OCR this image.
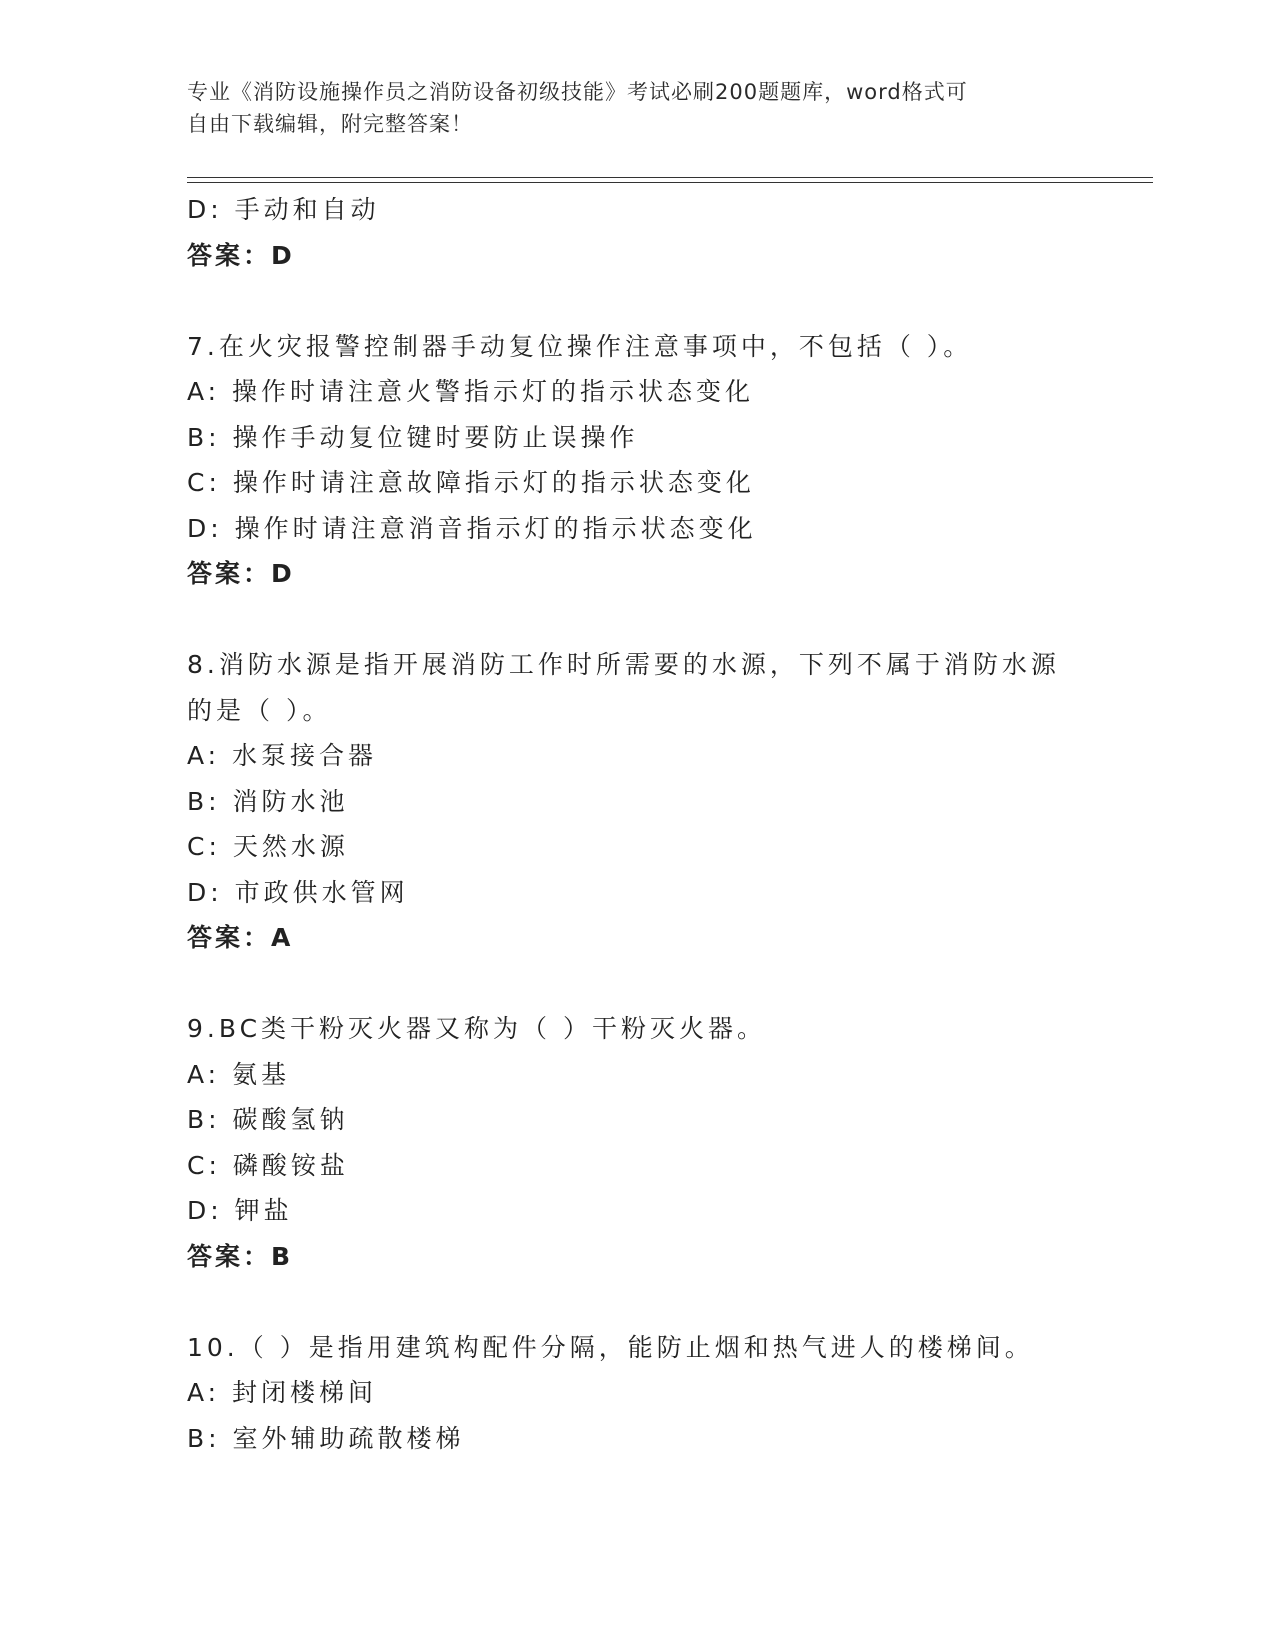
专业《消防设施操作员之消防设备初级技能》考试必刷200题题库，word格式可
自由下载编辑，附完整答案！
D: 手动和自动
答案：D
7.在火灾报警控制器手动复位操作注意事项中，不包括（ ）。
A: 操作时请注意火警指示灯的指示状态变化
B: 操作手动复位键时要防止误操作
C: 操作时请注意故障指示灯的指示状态变化
D: 操作时请注意消音指示灯的指示状态变化
答案：D
8.消防水源是指开展消防工作时所需要的水源，下列不属于消防水源
的是（ ）。
A: 水泵接合器
B: 消防水池
C: 天然水源
D: 市政供水管网
答案：A
9.BC类干粉灭火器又称为（ ）干粉灭火器。
A: 氨基
B: 碳酸氢钠
C: 磷酸铵盐
D: 钾盐
答案：B
10.（ ）是指用建筑构配件分隔，能防止烟和热气进人的楼梯间。
A: 封闭楼梯间
B: 室外辅助疏散楼梯
